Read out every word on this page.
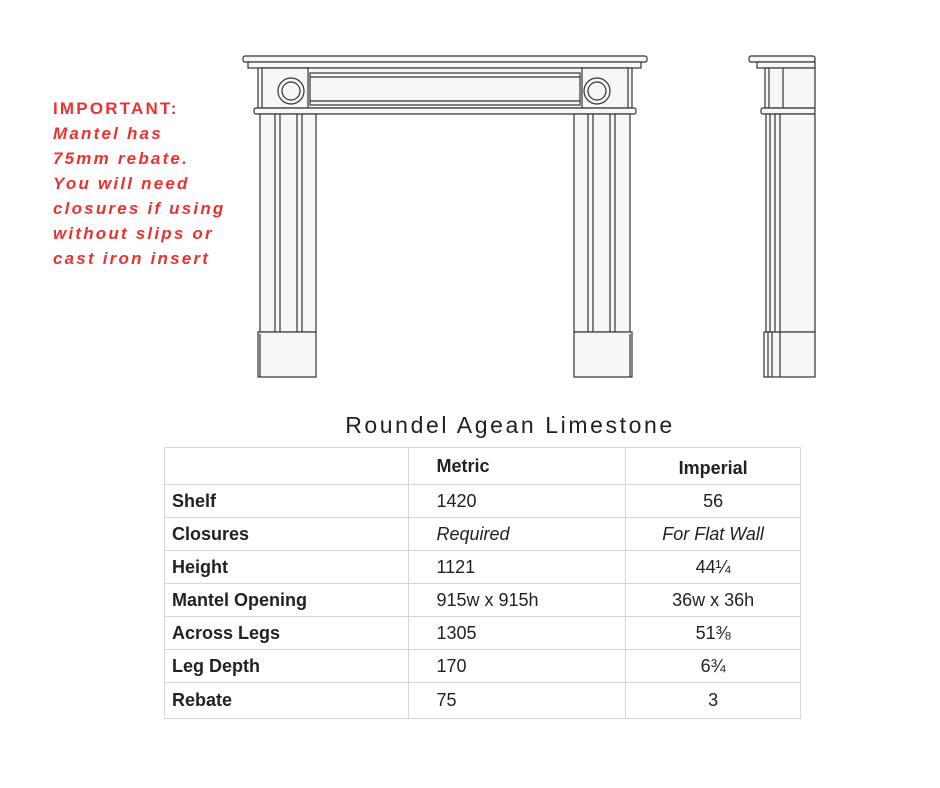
IMPORTANT:
Mantel has
75mm rebate.
You will need
closures if using
without slips or
cast iron insert
Roundel Agean Limestone
	Metric	Imperial
Shelf	1420	56
Closures	Required	For Flat Wall
Height	1121	44¼
Mantel Opening	915w x 915h	36w x 36h
Across Legs	1305	51⅜
Leg Depth	170	6¾
Rebate	75	3
